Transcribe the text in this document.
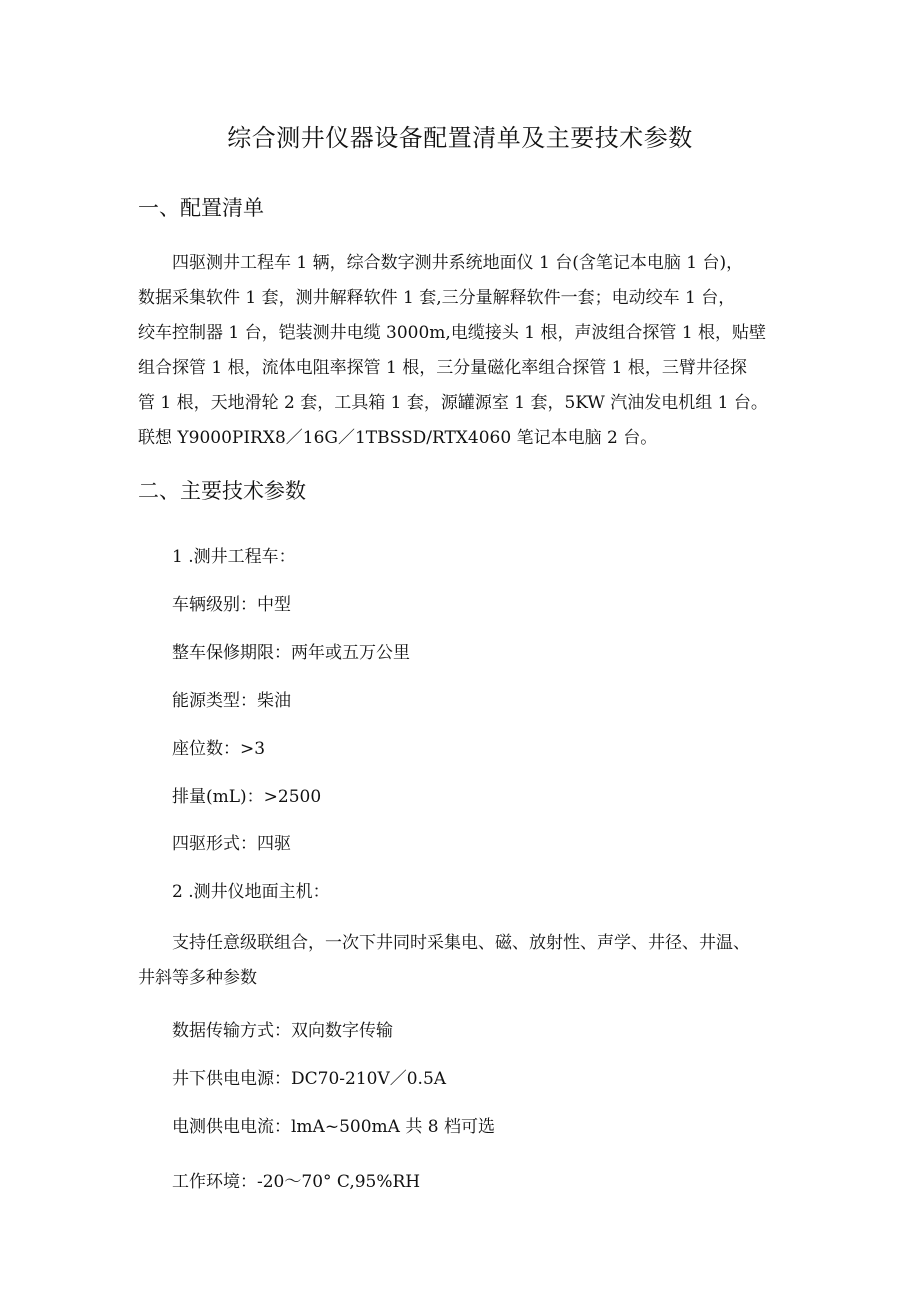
综合测井仪器设备配置清单及主要技术参数
一、配置清单
四驱测井工程车 1 辆，综合数字测井系统地面仪 1 台(含笔记本电脑 1 台)，
数据采集软件 1 套，测井解释软件 1 套,三分量解释软件一套；电动绞车 1 台，
绞车控制器 1 台，铠装测井电缆 3000m,电缆接头 1 根，声波组合探管 1 根，贴壁
组合探管 1 根，流体电阻率探管 1 根，三分量磁化率组合探管 1 根，三臂井径探
管 1 根，天地滑轮 2 套，工具箱 1 套，源罐源室 1 套，5KW 汽油发电机组 1 台。
联想 Y9000PIRX8／16G／1TBSSD/RTX4060 笔记本电脑 2 台。
二、主要技术参数

1 .测井工程车：

车辆级别：中型

整车保修期限：两年或五万公里

能源类型：柴油

座位数：>3

排量(mL)：>2500

四驱形式：四驱

2 .测井仪地面主机：

支持任意级联组合，一次下井同时采集电、磁、放射性、声学、井径、井温、
井斜等多种参数

数据传输方式：双向数字传输

井下供电电源：DC70-210V／0.5A

电测供电电流：lmA~500mA 共 8 档可选

工作环境：-20～70° C,95%RH
